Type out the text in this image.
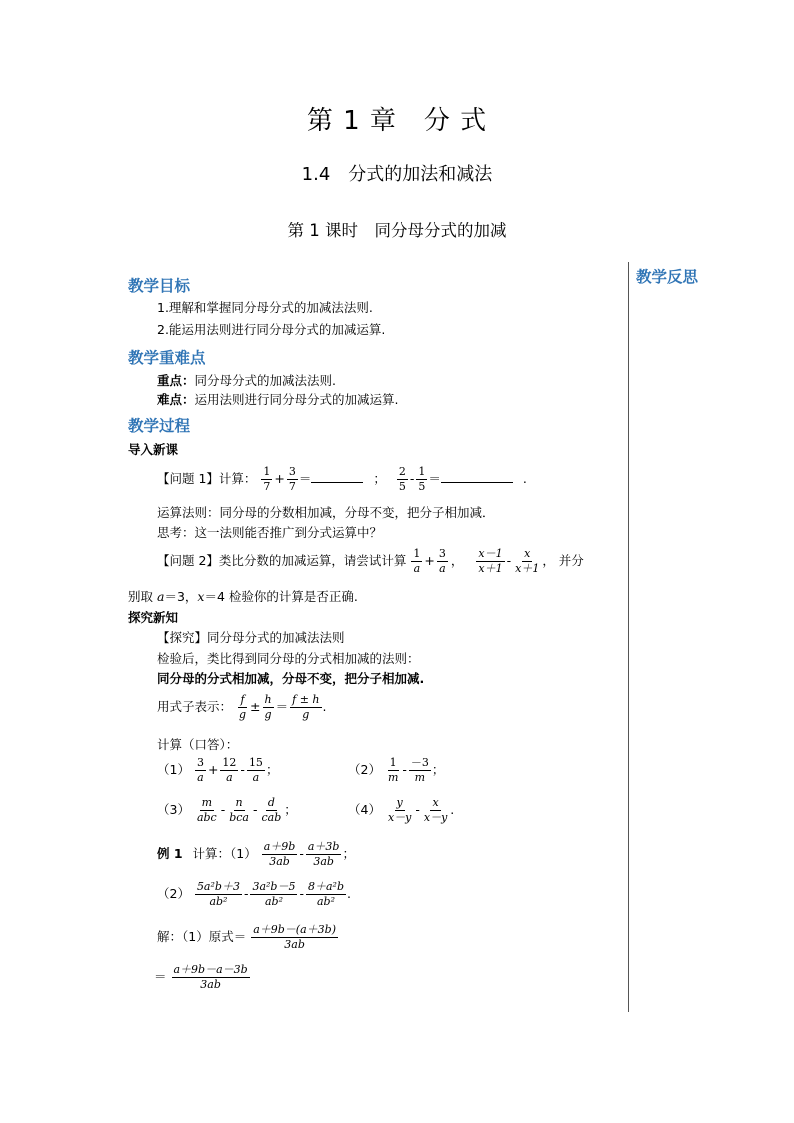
第 1 章　分 式
1.4　分式的加法和减法
第 1 课时　同分母分式的加减
教学反思
教学目标
1.理解和掌握同分母分式的加减法法则.
2.能运用法则进行同分母分式的加减运算.
教学重难点
重点：同分母分式的加减法法则.
难点：运用法则进行同分母分式的加减运算.
教学过程
导入新课
【问题 1】计算： $\frac{1}{7} + \frac{3}{7}$ ＝	； $\frac{2}{5} - \frac{1}{5}$ ＝	.
运算法则：同分母的分数相加减，分母不变，把分子相加减．
思考：这一法则能否推广到分式运算中？
【问题 2】类比分数的加减运算，请尝试计算 $\frac{1}{a} + \frac{3}{a}$ ， $\frac{x-1}{x+1} - \frac{x}{x+1}$ ， 并分
别取 a＝3，x＝4 检验你的计算是否正确.
探究新知
【探究】同分母分式的加减法法则
检验后，类比得到同分母的分式相加减的法则：
同分母的分式相加减，分母不变，把分子相加减.
用式子表示： $\frac{f}{g} \pm \frac{h}{g} = \frac{f \pm h}{g}$ .
计算（口答）：
$(1) \frac{3}{a} + \frac{12}{a} - \frac{15}{a}$ ；	$(2) \frac{1}{m} - \frac{-3}{m}$ ；
$(3) \frac{m}{\text{abc}} - \frac{n}{\text{bca}} - \frac{d}{\text{cab}}$ ；	$(4) \frac{y}{x-y} - \frac{x}{x-y}$ .
例 1 计算：$(1) \frac{a+9b}{3ab} - \frac{a+3b}{3ab}$ ；
$(2) \frac{\text{5a²b＋3}}{\text{ab²}} - \frac{\text{3a²b－5}}{\text{ab²}} - \frac{\text{8＋a²b}}{\text{ab²}}$ .
解：（1）原式＝ $\frac{a+9b-(a+3b)}{3ab}$
＝ $\frac{a+9b-a-3b}{3ab}$
